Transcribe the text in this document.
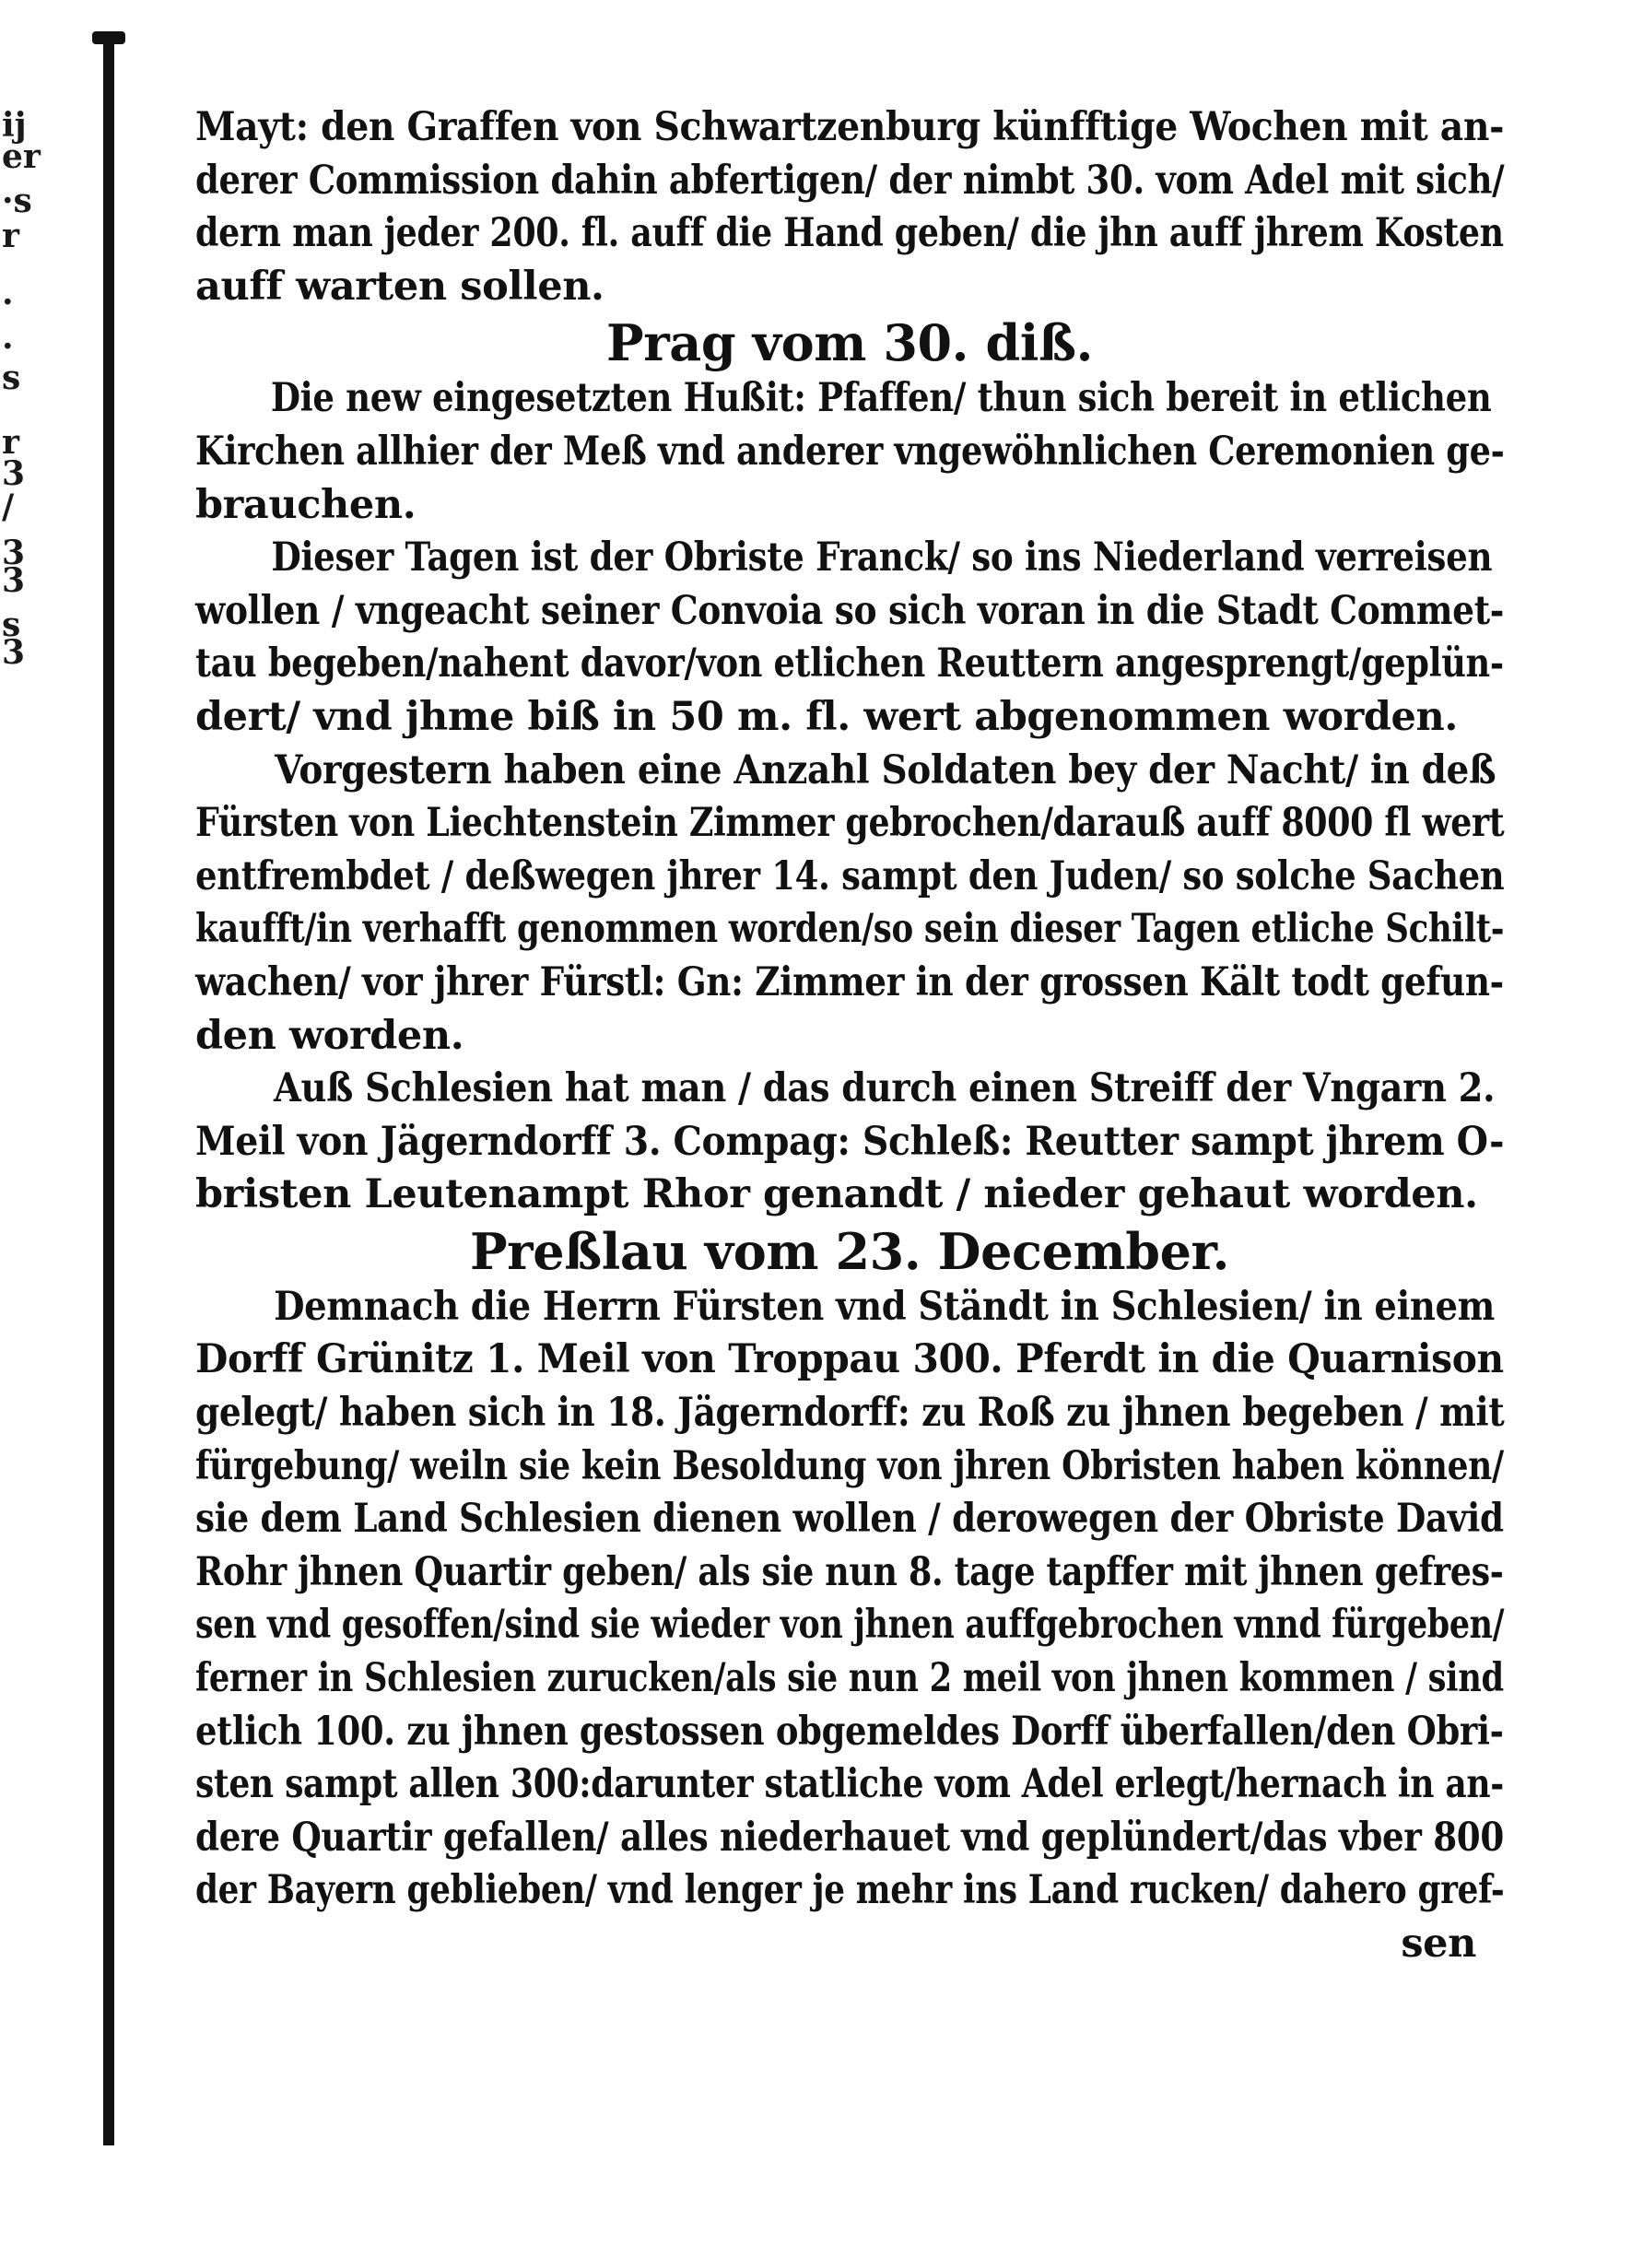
ij
er
·s
r
·
·
s
r
3
/
3
3
s
3
Mayt: den Graffen von Schwartzenburg künfftige Wochen mit an-
derer Commission dahin abfertigen/ der nimbt 30. vom Adel mit sich/
dern man jeder 200. fl. auff die Hand geben/ die jhn auff jhrem Kosten
auff warten sollen.
Prag vom 30. diß.
Die new eingesetzten Hußit: Pfaffen/ thun sich bereit in etlichen
Kirchen allhier der Meß vnd anderer vngewöhnlichen Ceremonien ge-
brauchen.
Dieser Tagen ist der Obriste Franck/ so ins Niederland verreisen
wollen / vngeacht seiner Convoia so sich voran in die Stadt Commet-
tau begeben/nahent davor/von etlichen Reuttern angesprengt/geplün-
dert/ vnd jhme biß in 50 m. fl. wert abgenommen worden.
Vorgestern haben eine Anzahl Soldaten bey der Nacht/ in deß
Fürsten von Liechtenstein Zimmer gebrochen/darauß auff 8000 fl wert
entfrembdet / deßwegen jhrer 14. sampt den Juden/ so solche Sachen
kaufft/in verhafft genommen worden/so sein dieser Tagen etliche Schilt-
wachen/ vor jhrer Fürstl: Gn: Zimmer in der grossen Kält todt gefun-
den worden.
Auß Schlesien hat man / das durch einen Streiff der Vngarn 2.
Meil von Jägerndorff 3. Compag: Schleß: Reutter sampt jhrem O-
bristen Leutenampt Rhor genandt / nieder gehaut worden.
Preßlau vom 23. December.
Demnach die Herrn Fürsten vnd Ständt in Schlesien/ in einem
Dorff Grünitz 1. Meil von Troppau 300. Pferdt in die Quarnison
gelegt/ haben sich in 18. Jägerndorff: zu Roß zu jhnen begeben / mit
fürgebung/ weiln sie kein Besoldung von jhren Obristen haben können/
sie dem Land Schlesien dienen wollen / derowegen der Obriste David
Rohr jhnen Quartir geben/ als sie nun 8. tage tapffer mit jhnen gefres-
sen vnd gesoffen/sind sie wieder von jhnen auffgebrochen vnnd fürgeben/
ferner in Schlesien zurucken/als sie nun 2 meil von jhnen kommen / sind
etlich 100. zu jhnen gestossen obgemeldes Dorff überfallen/den Obri-
sten sampt allen 300:darunter statliche vom Adel erlegt/hernach in an-
dere Quartir gefallen/ alles niederhauet vnd geplündert/das vber 800
der Bayern geblieben/ vnd lenger je mehr ins Land rucken/ dahero gref-
sen
